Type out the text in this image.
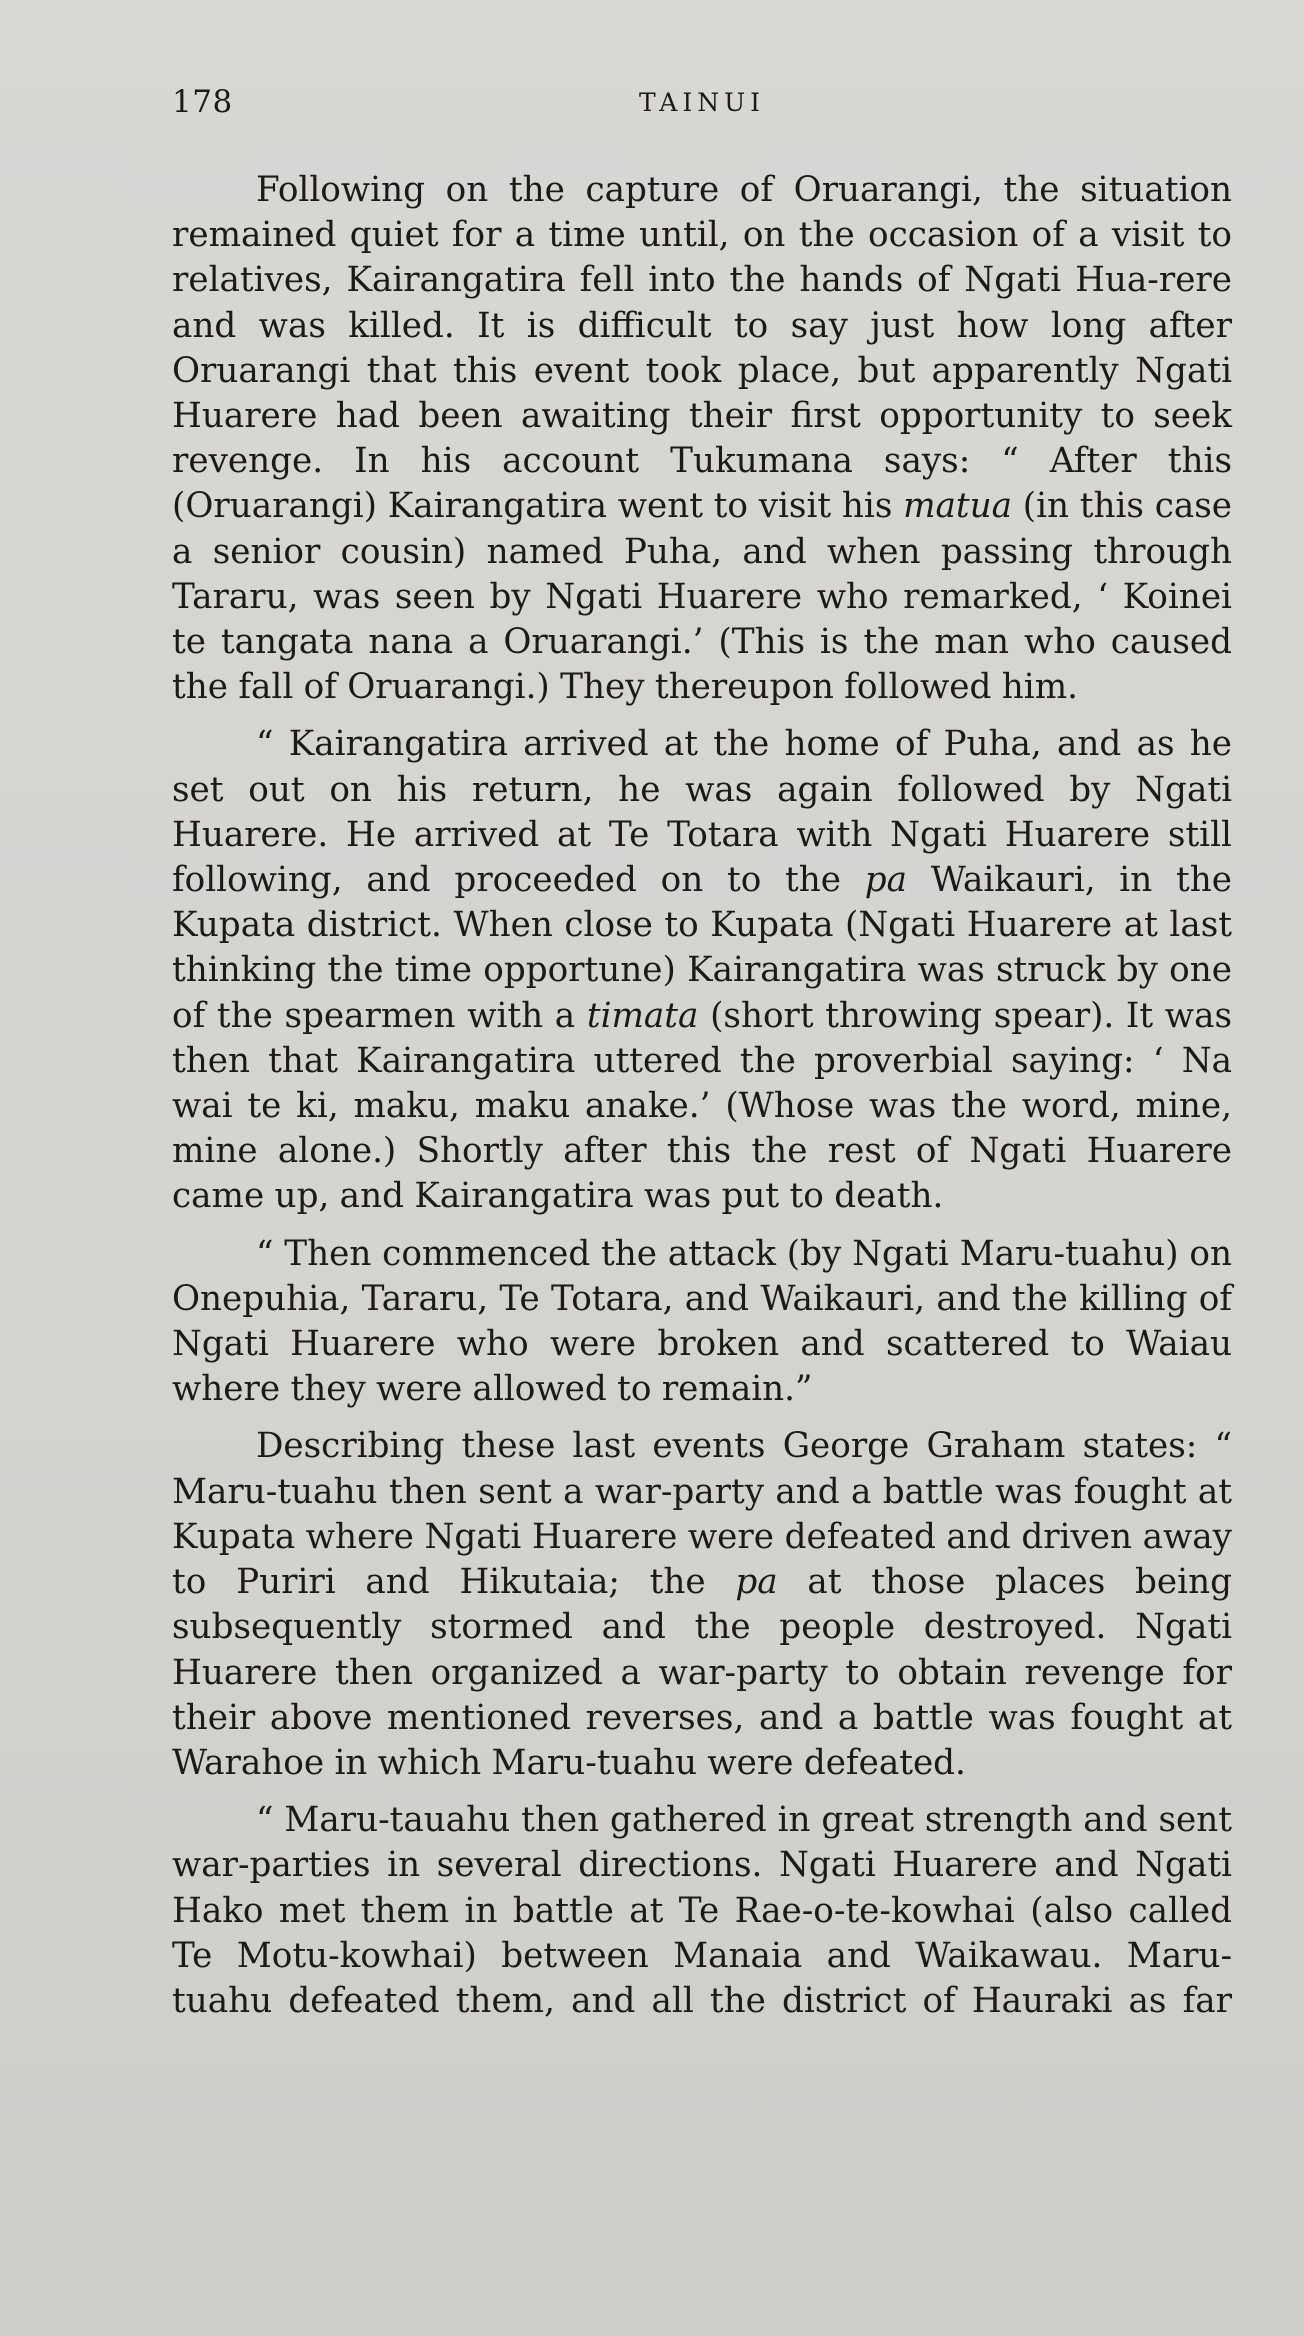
178	TAINUI

Following on the capture of Oruarangi, the situation remained quiet for a time until, on the occasion of a visit to relatives, Kairangatira fell into the hands of Ngati Hua-rere and was killed. It is difficult to say just how long after Oruarangi that this event took place, but apparently Ngati Huarere had been awaiting their first opportunity to seek revenge. In his account Tukumana says: “ After this (Oruarangi) Kairangatira went to visit his matua (in this case a senior cousin) named Puha, and when passing through Tararu, was seen by Ngati Huarere who remarked, ‘ Koinei te tangata nana a Oruarangi.’ (This is the man who caused the fall of Oruarangi.) They thereupon followed him.

“ Kairangatira arrived at the home of Puha, and as he set out on his return, he was again followed by Ngati Huarere. He arrived at Te Totara with Ngati Huarere still following, and proceeded on to the pa Waikauri, in the Kupata district. When close to Kupata (Ngati Huarere at last thinking the time opportune) Kairangatira was struck by one of the spearmen with a timata (short throwing spear). It was then that Kairangatira uttered the proverbial saying: ‘ Na wai te ki, maku, maku anake.’ (Whose was the word, mine, mine alone.) Shortly after this the rest of Ngati Huarere came up, and Kairangatira was put to death.

“ Then commenced the attack (by Ngati Maru-tuahu) on Onepuhia, Tararu, Te Totara, and Waikauri, and the killing of Ngati Huarere who were broken and scattered to Waiau where they were allowed to remain.”

Describing these last events George Graham states: “ Maru-tuahu then sent a war-party and a battle was fought at Kupata where Ngati Huarere were defeated and driven away to Puriri and Hikutaia; the pa at those places being subsequently stormed and the people destroyed. Ngati Huarere then organized a war-party to obtain revenge for their above mentioned reverses, and a battle was fought at Warahoe in which Maru-tuahu were defeated.

“ Maru-tauahu then gathered in great strength and sent war-parties in several directions. Ngati Huarere and Ngati Hako met them in battle at Te Rae-o-te-kowhai (also called Te Motu-kowhai) between Manaia and Waikawau. Maru-tuahu defeated them, and all the district of Hauraki as far
